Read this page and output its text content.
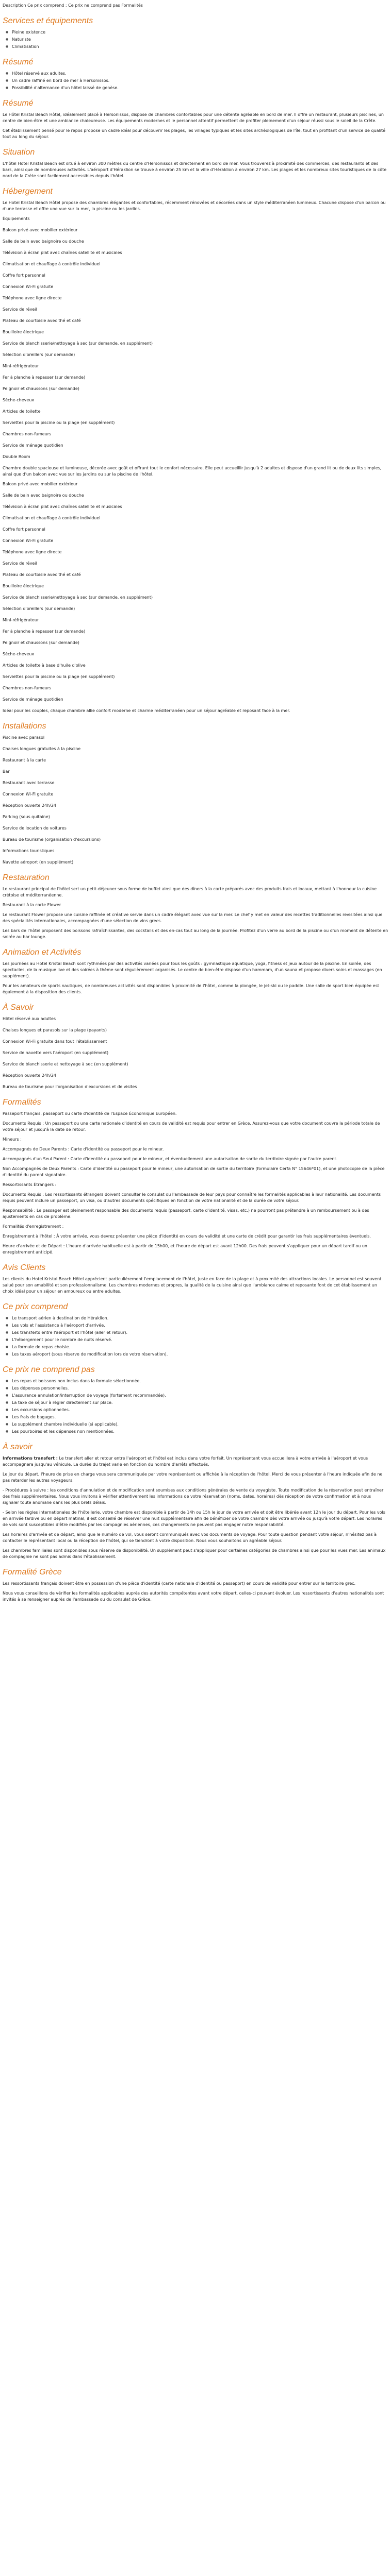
Description Ce prix comprend : Ce prix ne comprend pas Formalités

Services et équipements
● Pleine existence
● Naturiste
● Climatisation
Résumé
● Hôtel réservé aux adultes.
● Un cadre raffiné en bord de mer à Hersonissos.
● Possibilité d'alternance d'un hôtel laissé de genèse.
Résumé

Le Hôtel Kristal Beach Hôtel, idéalement placé à Hersonissos, dispose de chambres confortables pour une détente agréable en bord de mer. Il offre un restaurant, plusieurs piscines, un centre de bien-être et une ambiance chaleureuse. Les équipements modernes et le personnel attentif permettent de profiter pleinement d'un séjour réussi sous le soleil de la Crète.

Cet établissement pensé pour le repos propose un cadre idéal pour découvrir les plages, les villages typiques et les sites archéologiques de l'île, tout en profitant d'un service de qualité tout au long du séjour.

Situation

L'hôtel Hotel Kristal Beach est situé à environ 300 mètres du centre d'Hersonissos et directement en bord de mer. Vous trouverez à proximité des commerces, des restaurants et des bars, ainsi que de nombreuses activités. L'aéroport d'Héraklion se trouve à environ 25 km et la ville d'Héraklion à environ 27 km. Les plages et les nombreux sites touristiques de la côte nord de la Crète sont facilement accessibles depuis l'hôtel.

Hébergement

Le Hotel Kristal Beach Hôtel propose des chambres élégantes et confortables, récemment rénovées et décorées dans un style méditerranéen lumineux. Chacune dispose d'un balcon ou d'une terrasse et offre une vue sur la mer, la piscine ou les jardins.

Équipements
Balcon privé avec mobilier extérieur
Salle de bain avec baignoire ou douche
Télévision à écran plat avec chaînes satellite et musicales
Climatisation et chauffage à contrôle individuel
Coffre fort personnel
Connexion Wi-Fi gratuite
Téléphone avec ligne directe
Service de réveil
Plateau de courtoisie avec thé et café
Bouilloire électrique
Service de blanchisserie/nettoyage à sec (sur demande, en supplément)
Sélection d'oreillers (sur demande)
Mini-réfrigérateur
Fer à planche à repasser (sur demande)
Peignoir et chaussons (sur demande)
Sèche-cheveux
Articles de toilette
Serviettes pour la piscine ou la plage (en supplément)
Chambres non-fumeurs
Service de ménage quotidien
Double Room

Chambre double spacieuse et lumineuse, décorée avec goût et offrant tout le confort nécessaire. Elle peut accueillir jusqu'à 2 adultes et dispose d'un grand lit ou de deux lits simples, ainsi que d'un balcon avec vue sur les jardins ou sur la piscine de l'hôtel.

Balcon privé avec mobilier extérieur
Salle de bain avec baignoire ou douche
Télévision à écran plat avec chaînes satellite et musicales
Climatisation et chauffage à contrôle individuel
Coffre fort personnel
Connexion Wi-Fi gratuite
Téléphone avec ligne directe
Service de réveil
Plateau de courtoisie avec thé et café
Bouilloire électrique
Service de blanchisserie/nettoyage à sec (sur demande, en supplément)
Sélection d'oreillers (sur demande)
Mini-réfrigérateur
Fer à planche à repasser (sur demande)
Peignoir et chaussons (sur demande)
Sèche-cheveux
Articles de toilette à base d'huile d'olive
Serviettes pour la piscine ou la plage (en supplément)
Chambres non-fumeurs
Service de ménage quotidien

Idéal pour les couples, chaque chambre allie confort moderne et charme méditerranéen pour un séjour agréable et reposant face à la mer.

Installations
Piscine avec parasol
Chaises longues gratuites à la piscine
Restaurant à la carte
Bar
Restaurant avec terrasse
Connexion Wi-Fi gratuite
Réception ouverte 24h/24
Parking (sous quitaine)
Service de location de voitures
Bureau de tourisme (organisation d'excursions)
Informations touristiques
Navette aéroport (en supplément)
Restauration

Le restaurant principal de l'hôtel sert un petit-déjeuner sous forme de buffet ainsi que des dîners à la carte préparés avec des produits frais et locaux, mettant à l'honneur la cuisine crétoise et méditerranéenne.

Restaurant à la carte Flower

Le restaurant Flower propose une cuisine raffinée et créative servie dans un cadre élégant avec vue sur la mer. Le chef y met en valeur des recettes traditionnelles revisitées ainsi que des spécialités internationales, accompagnées d'une sélection de vins grecs.

Les bars de l'hôtel proposent des boissons rafraîchissantes, des cocktails et des en-cas tout au long de la journée. Profitez d'un verre au bord de la piscine ou d'un moment de détente en soirée au bar lounge.

Animation et Activités

Les journées au Hotel Kristal Beach sont rythmées par des activités variées pour tous les goûts : gymnastique aquatique, yoga, fitness et jeux autour de la piscine. En soirée, des spectacles, de la musique live et des soirées à thème sont régulièrement organisés. Le centre de bien-être dispose d'un hammam, d'un sauna et propose divers soins et massages (en supplément).

Pour les amateurs de sports nautiques, de nombreuses activités sont disponibles à proximité de l'hôtel, comme la plongée, le jet-ski ou le paddle. Une salle de sport bien équipée est également à la disposition des clients.

À Savoir
Hôtel réservé aux adultes
Chaises longues et parasols sur la plage (payants)
Connexion Wi-Fi gratuite dans tout l'établissement
Service de navette vers l'aéroport (en supplément)
Service de blanchisserie et nettoyage à sec (en supplément)
Réception ouverte 24h/24
Bureau de tourisme pour l'organisation d'excursions et de visites
Formalités

Passeport français, passeport ou carte d'identité de l'Espace Économique Européen.

Documents Requis : Un passeport ou une carte nationale d'identité en cours de validité est requis pour entrer en Grèce. Assurez-vous que votre document couvre la période totale de votre séjour et jusqu'à la date de retour.

Mineurs :

Accompagnés de Deux Parents : Carte d'identité ou passeport pour le mineur.

Accompagnés d'un Seul Parent : Carte d'identité ou passeport pour le mineur, et éventuellement une autorisation de sortie du territoire signée par l'autre parent.

Non Accompagnés de Deux Parents : Carte d'identité ou passeport pour le mineur, une autorisation de sortie du territoire (formulaire Cerfa N° 15646*01), et une photocopie de la pièce d'identité du parent signataire.

Ressortissants Étrangers :

Documents Requis : Les ressortissants étrangers doivent consulter le consulat ou l'ambassade de leur pays pour connaître les formalités applicables à leur nationalité. Les documents requis peuvent inclure un passeport, un visa, ou d'autres documents spécifiques en fonction de votre nationalité et de la durée de votre séjour.

Responsabilité : Le passager est pleinement responsable des documents requis (passeport, carte d'identité, visas, etc.) ne pourront pas prétendre à un remboursement ou à des ajustements en cas de problème.

Formalités d'enregistrement :

Enregistrement à l'hôtel : À votre arrivée, vous devrez présenter une pièce d'identité en cours de validité et une carte de crédit pour garantir les frais supplémentaires éventuels.

Heure d'arrivée et de Départ : L'heure d'arrivée habituelle est à partir de 15h00, et l'heure de départ est avant 12h00. Des frais peuvent s'appliquer pour un départ tardif ou un enregistrement anticipé.

Avis Clients

Les clients du Hotel Kristal Beach Hôtel apprécient particulièrement l'emplacement de l'hôtel, juste en face de la plage et à proximité des attractions locales. Le personnel est souvent salué pour son amabilité et son professionnalisme. Les chambres modernes et propres, la qualité de la cuisine ainsi que l'ambiance calme et reposante font de cet établissement un choix idéal pour un séjour en amoureux ou entre adultes.

Ce prix comprend
● Le transport aérien à destination de Héraklion.
● Les vols et l'assistance à l'aéroport d'arrivée.
● Les transferts entre l'aéroport et l'hôtel (aller et retour).
● L'hébergement pour le nombre de nuits réservé.
● La formule de repas choisie.
● Les taxes aéroport (sous réserve de modification lors de votre réservation).
Ce prix ne comprend pas
● Les repas et boissons non inclus dans la formule sélectionnée.
● Les dépenses personnelles.
● L'assurance annulation/interruption de voyage (fortement recommandée).
● La taxe de séjour à régler directement sur place.
● Les excursions optionnelles.
● Les frais de bagages.
● Le supplément chambre individuelle (si applicable).
● Les pourboires et les dépenses non mentionnées.
À savoir

Informations transfert : Le transfert aller et retour entre l'aéroport et l'hôtel est inclus dans votre forfait. Un représentant vous accueillera à votre arrivée à l'aéroport et vous accompagnera jusqu'au véhicule. La durée du trajet varie en fonction du nombre d'arrêts effectués.

Le jour du départ, l'heure de prise en charge vous sera communiquée par votre représentant ou affichée à la réception de l'hôtel. Merci de vous présenter à l'heure indiquée afin de ne pas retarder les autres voyageurs.

- Procédures à suivre : les conditions d'annulation et de modification sont soumises aux conditions générales de vente du voyagiste. Toute modification de la réservation peut entraîner des frais supplémentaires. Nous vous invitons à vérifier attentivement les informations de votre réservation (noms, dates, horaires) dès réception de votre confirmation et à nous signaler toute anomalie dans les plus brefs délais.

- Selon les règles internationales de l'hôtellerie, votre chambre est disponible à partir de 14h ou 15h le jour de votre arrivée et doit être libérée avant 12h le jour du départ. Pour les vols en arrivée tardive ou en départ matinal, il est conseillé de réserver une nuit supplémentaire afin de bénéficier de votre chambre dès votre arrivée ou jusqu'à votre départ. Les horaires de vols sont susceptibles d'être modifiés par les compagnies aériennes, ces changements ne peuvent pas engager notre responsabilité.

Les horaires d'arrivée et de départ, ainsi que le numéro de vol, vous seront communiqués avec vos documents de voyage. Pour toute question pendant votre séjour, n'hésitez pas à contacter le représentant local ou la réception de l'hôtel, qui se tiendront à votre disposition. Nous vous souhaitons un agréable séjour.

Les chambres familiales sont disponibles sous réserve de disponibilité. Un supplément peut s'appliquer pour certaines catégories de chambres ainsi que pour les vues mer. Les animaux de compagnie ne sont pas admis dans l'établissement.

Formalité Grèce

Les ressortissants français doivent être en possession d'une pièce d'identité (carte nationale d'identité ou passeport) en cours de validité pour entrer sur le territoire grec.

Nous vous conseillons de vérifier les formalités applicables auprès des autorités compétentes avant votre départ, celles-ci pouvant évoluer. Les ressortissants d'autres nationalités sont invités à se renseigner auprès de l'ambassade ou du consulat de Grèce.
